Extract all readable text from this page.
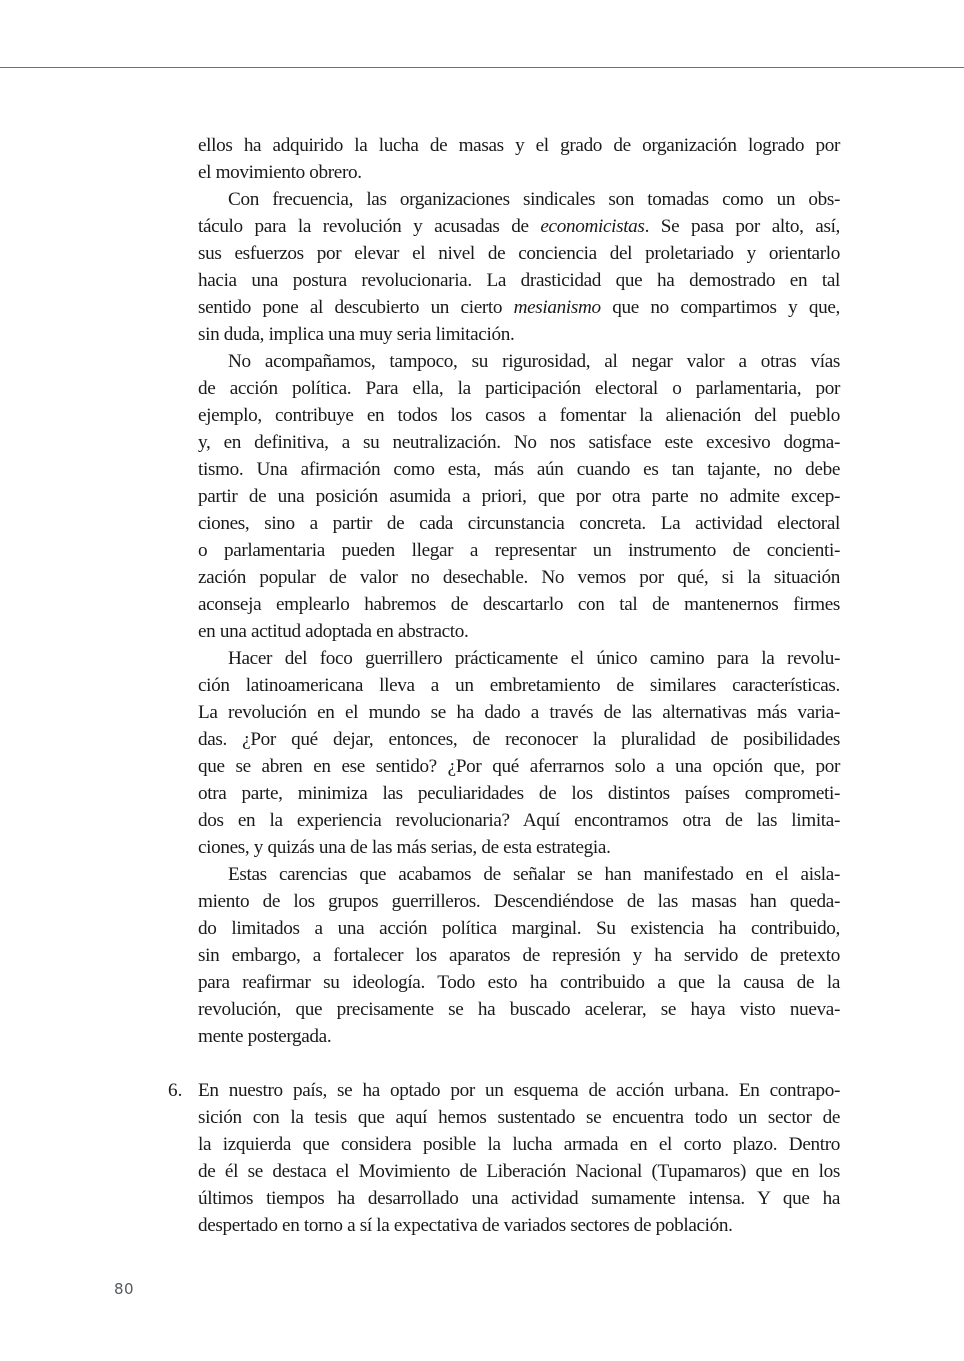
ellos ha adquirido la lucha de masas y el grado de organización logrado por
el movimiento obrero.
Con frecuencia, las organizaciones sindicales son tomadas como un obs-
táculo para la revolución y acusadas de economicistas. Se pasa por alto, así,
sus esfuerzos por elevar el nivel de conciencia del proletariado y orientarlo
hacia una postura revolucionaria. La drasticidad que ha demostrado en tal
sentido pone al descubierto un cierto mesianismo que no compartimos y que,
sin duda, implica una muy seria limitación.
No acompañamos, tampoco, su rigurosidad, al negar valor a otras vías
de acción política. Para ella, la participación electoral o parlamentaria, por
ejemplo, contribuye en todos los casos a fomentar la alienación del pueblo
y, en definitiva, a su neutralización. No nos satisface este excesivo dogma-
tismo. Una afirmación como esta, más aún cuando es tan tajante, no debe
partir de una posición asumida a priori, que por otra parte no admite excep-
ciones, sino a partir de cada circunstancia concreta. La actividad electoral
o parlamentaria pueden llegar a representar un instrumento de concienti-
zación popular de valor no desechable. No vemos por qué, si la situación
aconseja emplearlo habremos de descartarlo con tal de mantenernos firmes
en una actitud adoptada en abstracto.
Hacer del foco guerrillero prácticamente el único camino para la revolu-
ción latinoamericana lleva a un embretamiento de similares características.
La revolución en el mundo se ha dado a través de las alternativas más varia-
das. ¿Por qué dejar, entonces, de reconocer la pluralidad de posibilidades
que se abren en ese sentido? ¿Por qué aferrarnos solo a una opción que, por
otra parte, minimiza las peculiaridades de los distintos países comprometi-
dos en la experiencia revolucionaria? Aquí encontramos otra de las limita-
ciones, y quizás una de las más serias, de esta estrategia.
Estas carencias que acabamos de señalar se han manifestado en el aisla-
miento de los grupos guerrilleros. Descendiéndose de las masas han queda-
do limitados a una acción política marginal. Su existencia ha contribuido,
sin embargo, a fortalecer los aparatos de represión y ha servido de pretexto
para reafirmar su ideología. Todo esto ha contribuido a que la causa de la
revolución, que precisamente se ha buscado acelerar, se haya visto nueva-
mente postergada.
6. En nuestro país, se ha optado por un esquema de acción urbana. En contrapo-
sición con la tesis que aquí hemos sustentado se encuentra todo un sector de
la izquierda que considera posible la lucha armada en el corto plazo. Dentro
de él se destaca el Movimiento de Liberación Nacional (Tupamaros) que en los
últimos tiempos ha desarrollado una actividad sumamente intensa. Y que ha
despertado en torno a sí la expectativa de variados sectores de población.
80
